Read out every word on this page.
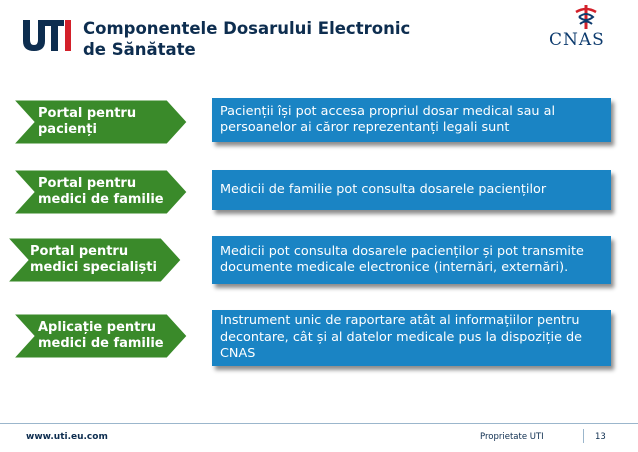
Componentele Dosarului Electronic
de Sănătate	CNAS
Portal pentru
pacienți
Pacienții își pot accesa propriul dosar medical sau al persoanelor ai căror reprezentanți legali sunt
Portal pentru
medici de familie
Medicii de familie pot consulta dosarele pacienților
Portal pentru
medici specialiști
Medicii pot consulta dosarele pacienților și pot transmite documente medicale electronice (internări, externări).
Aplicație pentru
medici de familie
Instrument unic de raportare atât al informațiilor pentru decontare, cât și al datelor medicale pus la dispoziție de CNAS
www.uti.eu.com	Proprietate UTI	13
